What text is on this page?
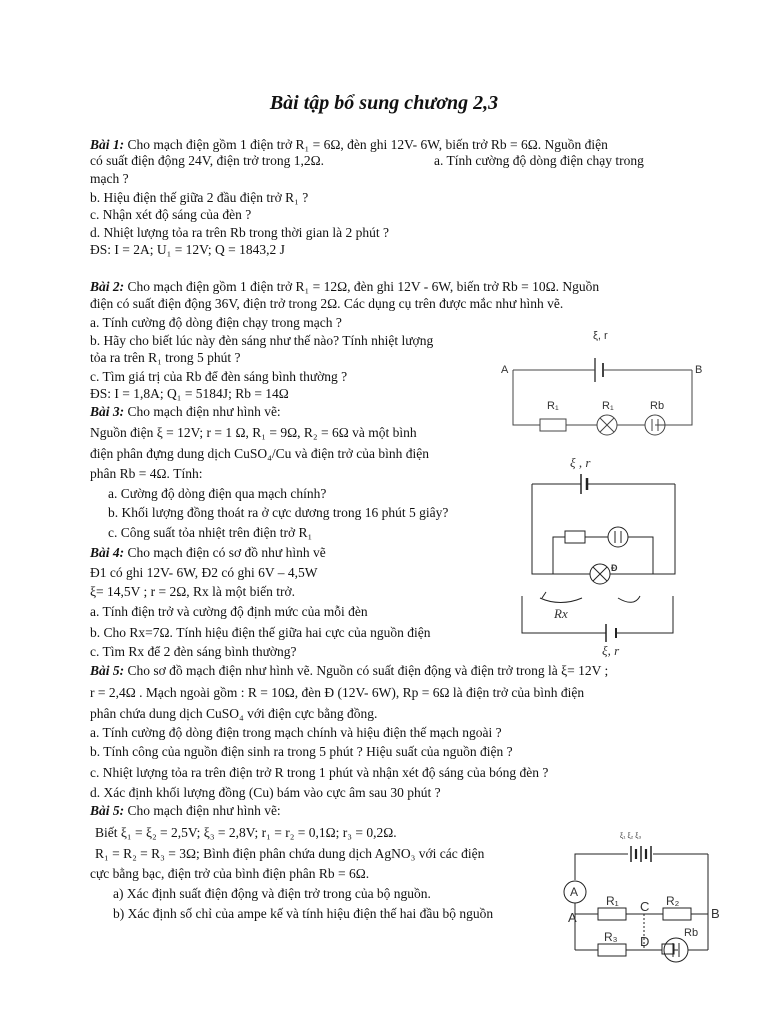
Bài tập bổ sung chương 2,3
Bài 1: Cho mạch điện gồm 1 điện trở R₁ = 6Ω, đèn ghi 12V- 6W, biến trở Rb = 6Ω. Nguồn điện
có suất điện động 24V, điện trở trong 1,2Ω.	a. Tính cường độ dòng điện chạy trong
mạch ?
b. Hiệu điện thế giữa 2 đầu điện trở R₁ ?
c. Nhận xét độ sáng của đèn ?
d. Nhiệt lượng tỏa ra trên Rb trong thời gian là 2 phút ?
ĐS: I = 2A; U₁ = 12V; Q = 1843,2 J
Bài 2: Cho mạch điện gồm 1 điện trở R₁ = 12Ω, đèn ghi 12V - 6W, biến trở Rb = 10Ω. Nguồn
điện có suất điện động 36V, điện trở trong 2Ω. Các dụng cụ trên được mắc như hình vẽ.
a. Tính cường độ dòng điện chạy trong mạch ?
b. Hãy cho biết lúc này đèn sáng như thế nào? Tính nhiệt lượng
tỏa ra trên R₁ trong 5 phút ?
c. Tìm giá trị của Rb để đèn sáng bình thường ?
ĐS: I = 1,8A; Q₁ = 5184J; Rb = 14Ω
Bài 3: Cho mạch điện như hình vẽ:
Nguồn điện ξ = 12V; r = 1 Ω, R₁ = 9Ω, R₂ = 6Ω và một bình
điện phân đựng dung dịch CuSO₄/Cu và điện trở của bình điện
phân Rb = 4Ω. Tính:
a. Cường độ dòng điện qua mạch chính?
b. Khối lượng đồng thoát ra ở cực dương trong 16 phút 5 giây?
c. Công suất tỏa nhiệt trên điện trở R₁
Bài 4: Cho mạch điện có sơ đồ như hình vẽ
Đ1 có ghi 12V- 6W, Đ2 có ghi 6V – 4,5W
ξ= 14,5V ; r = 2Ω, Rx là một biến trở.
a. Tính điện trở và cường độ định mức của mỗi đèn
b. Cho Rx=7Ω. Tính hiệu điện thế giữa hai cực của nguồn điện
c. Tìm Rx để 2 đèn sáng bình thường?
Bài 5: Cho sơ đồ mạch điện như hình vẽ. Nguồn có suất điện động và điện trở trong là ξ= 12V ;
r = 2,4Ω . Mạch ngoài gồm : R = 10Ω, đèn Đ (12V- 6W), Rp = 6Ω là điện trở của bình điện
phân chứa dung dịch CuSO₄ với điện cực bằng đồng.
a. Tính cường độ dòng điện trong mạch chính và hiệu điện thế mạch ngoài ?
b. Tính công của nguồn điện sinh ra trong 5 phút ? Hiệu suất của nguồn điện ?
c. Nhiệt lượng tỏa ra trên điện trở R trong 1 phút và nhận xét độ sáng của bóng đèn ?
d. Xác định khối lượng đồng (Cu) bám vào cực âm sau 30 phút ?
Bài 5: Cho mạch điện như hình vẽ:
Biết ξ₁ = ξ₂ = 2,5V; ξ₃ = 2,8V; r₁ = r₂ = 0,1Ω; r₃ = 0,2Ω.
R₁ = R₂ = R₃ = 3Ω; Bình điện phân chứa dung dịch AgNO₃ với các điện
cực bằng bạc, điện trở của bình điện phân Rb = 6Ω.
a) Xác định suất điện động và điện trở trong của bộ nguồn.
b) Xác định số chỉ của ampe kế và tính hiệu điện thế hai đầu bộ nguồn
ξ, r
A	B
R₁	R₁	Rb
ξ , r
Đ
Rx
ξ, r
ξ₁ ξ₂ ξ₃
A
A	B
R₁	R₂
R₃
C
D
Rb
